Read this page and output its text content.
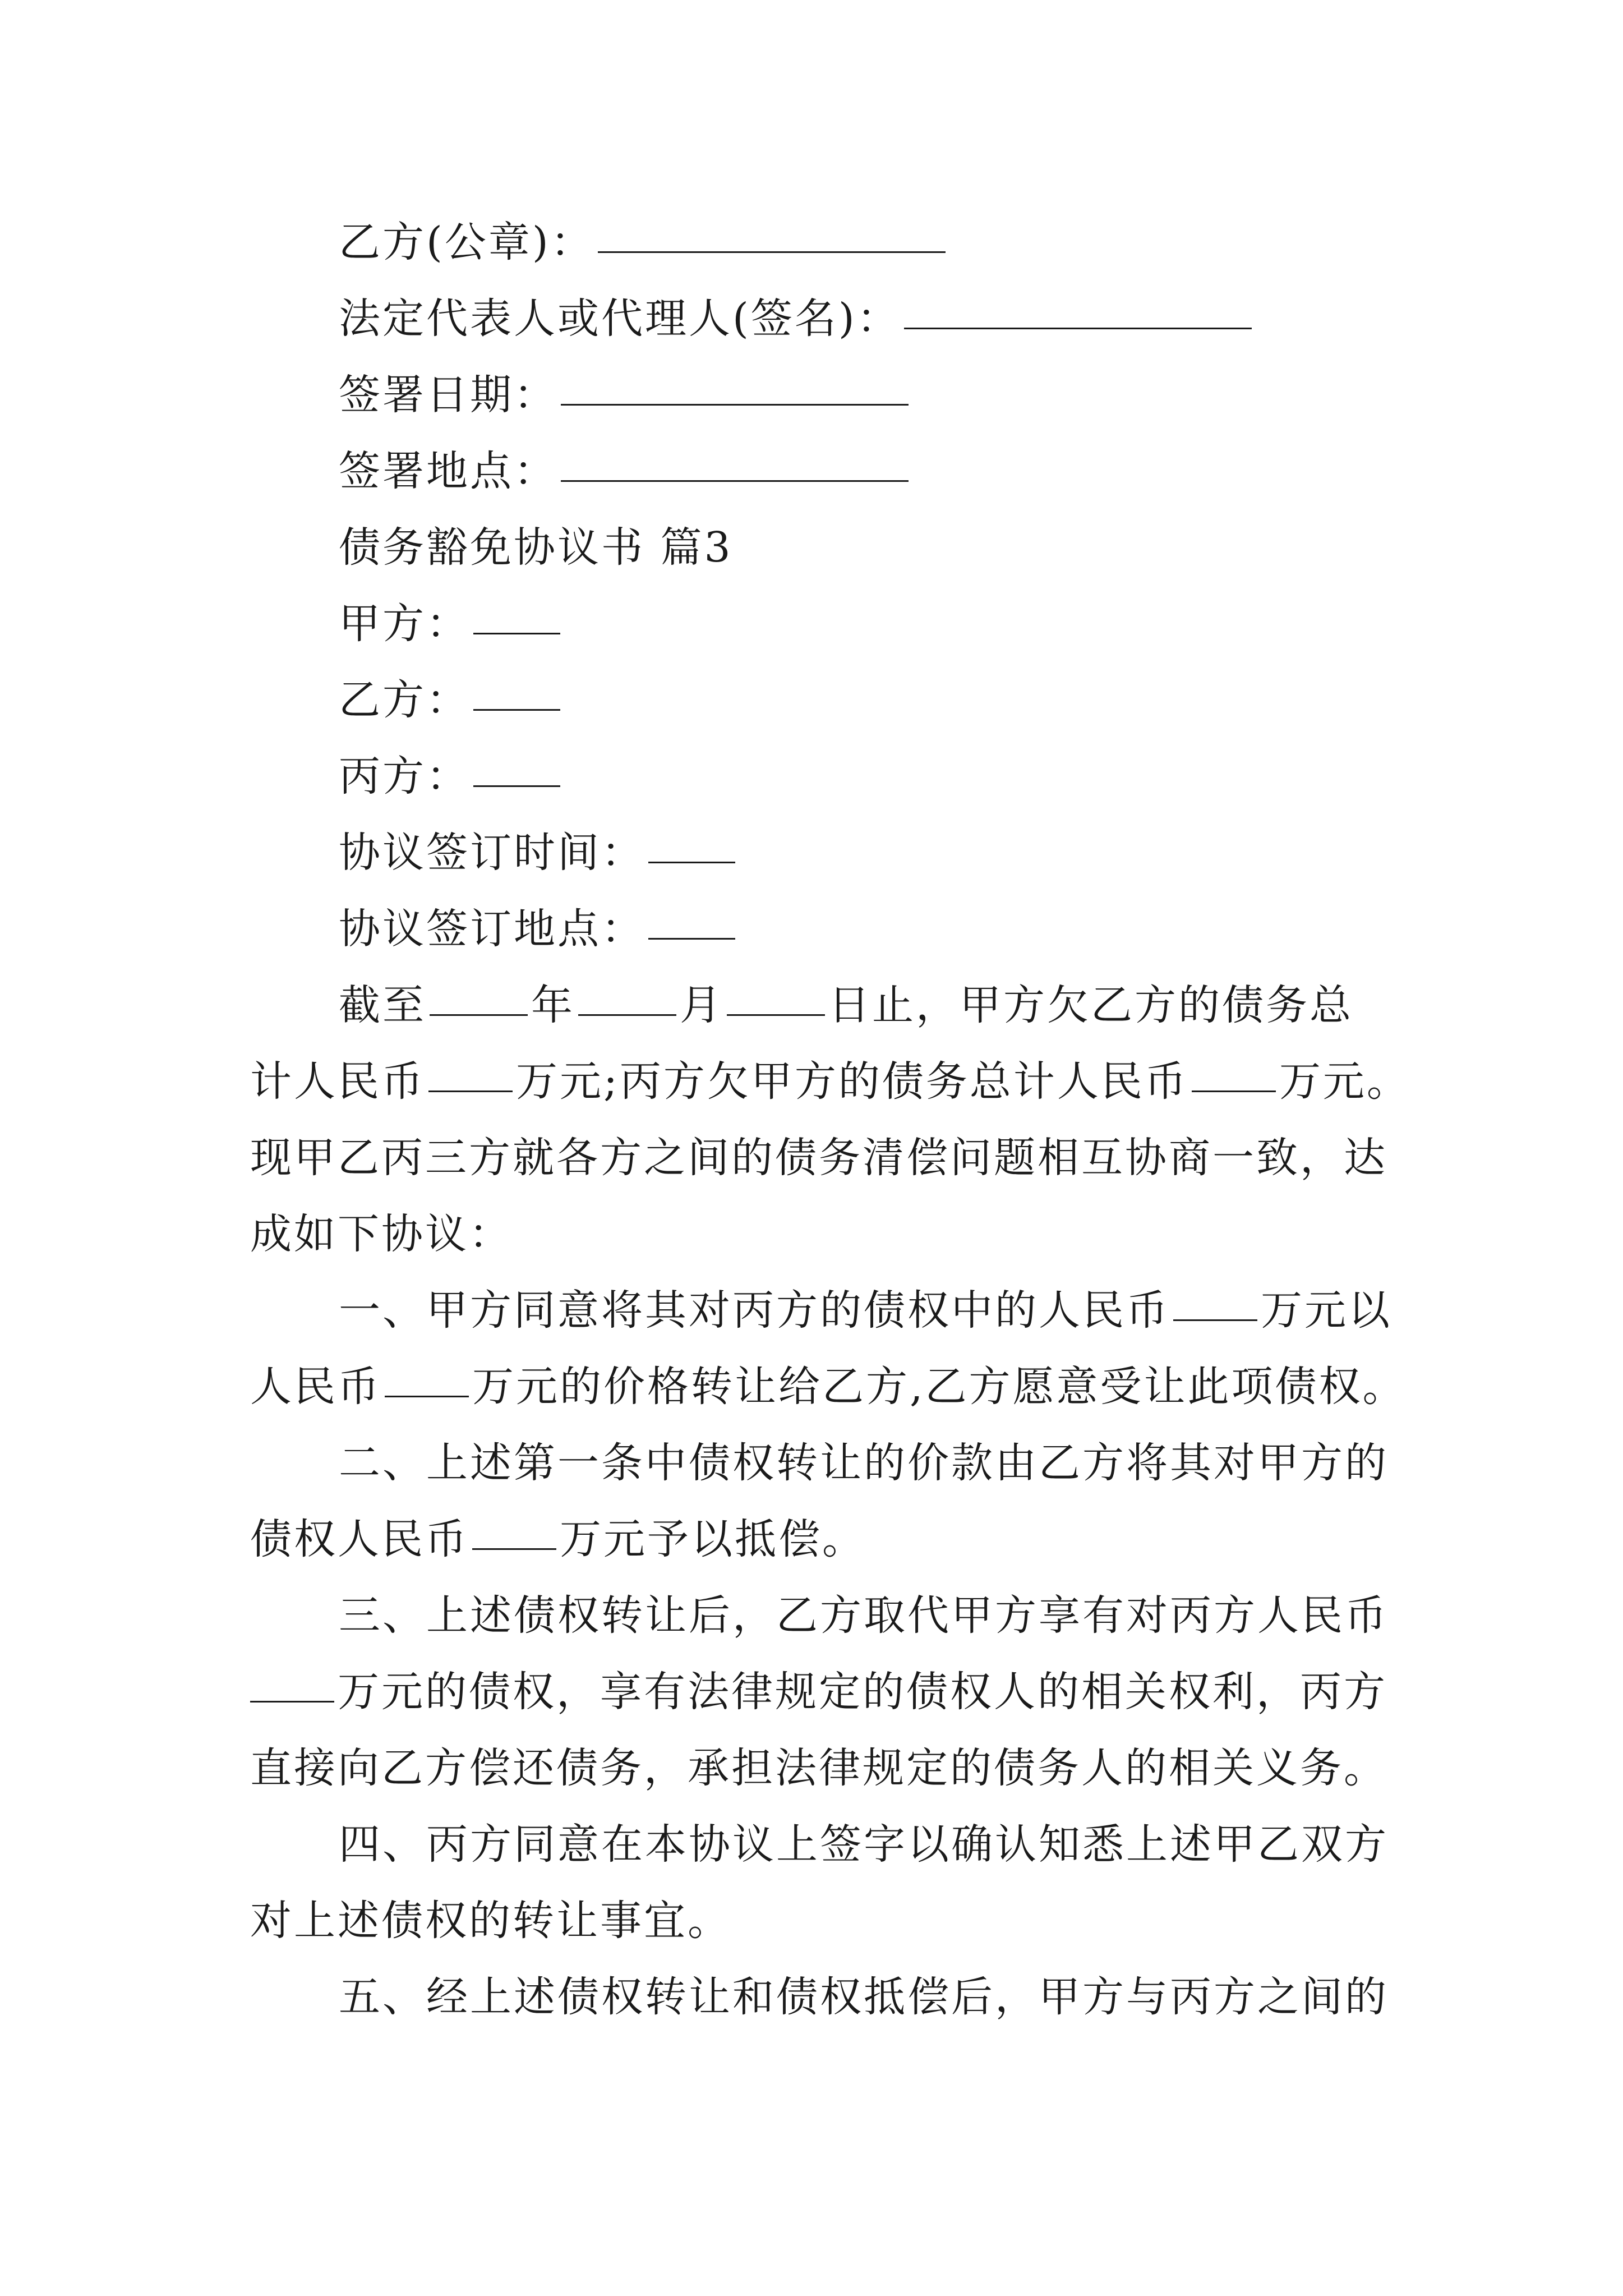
乙方(公章)：
法定代表人或代理人(签名)：
签署日期：
签署地点：
债务豁免协议书 篇3
甲方：
乙方：
丙方：
协议签订时间：
协议签订地点：
截至	年	月	日止，甲方欠乙方的债务总
计人民币 万元;丙方欠甲方的债务总计人民币 万元。
现甲乙丙三方就各方之间的债务清偿问题相互协商一致，达
成如下协议：
一、甲方同意将其对丙方的债权中的人民币 万元以
人民币 万元的价格转让给乙方,乙方愿意受让此项债权。
二、上述第一条中债权转让的价款由乙方将其对甲方的
债权人民币 万元予以抵偿。
三、上述债权转让后，乙方取代甲方享有对丙方人民币
万元的债权，享有法律规定的债权人的相关权利，丙方
直接向乙方偿还债务，承担法律规定的债务人的相关义务。
四、丙方同意在本协议上签字以确认知悉上述甲乙双方
对上述债权的转让事宜。
五、经上述债权转让和债权抵偿后，甲方与丙方之间的
